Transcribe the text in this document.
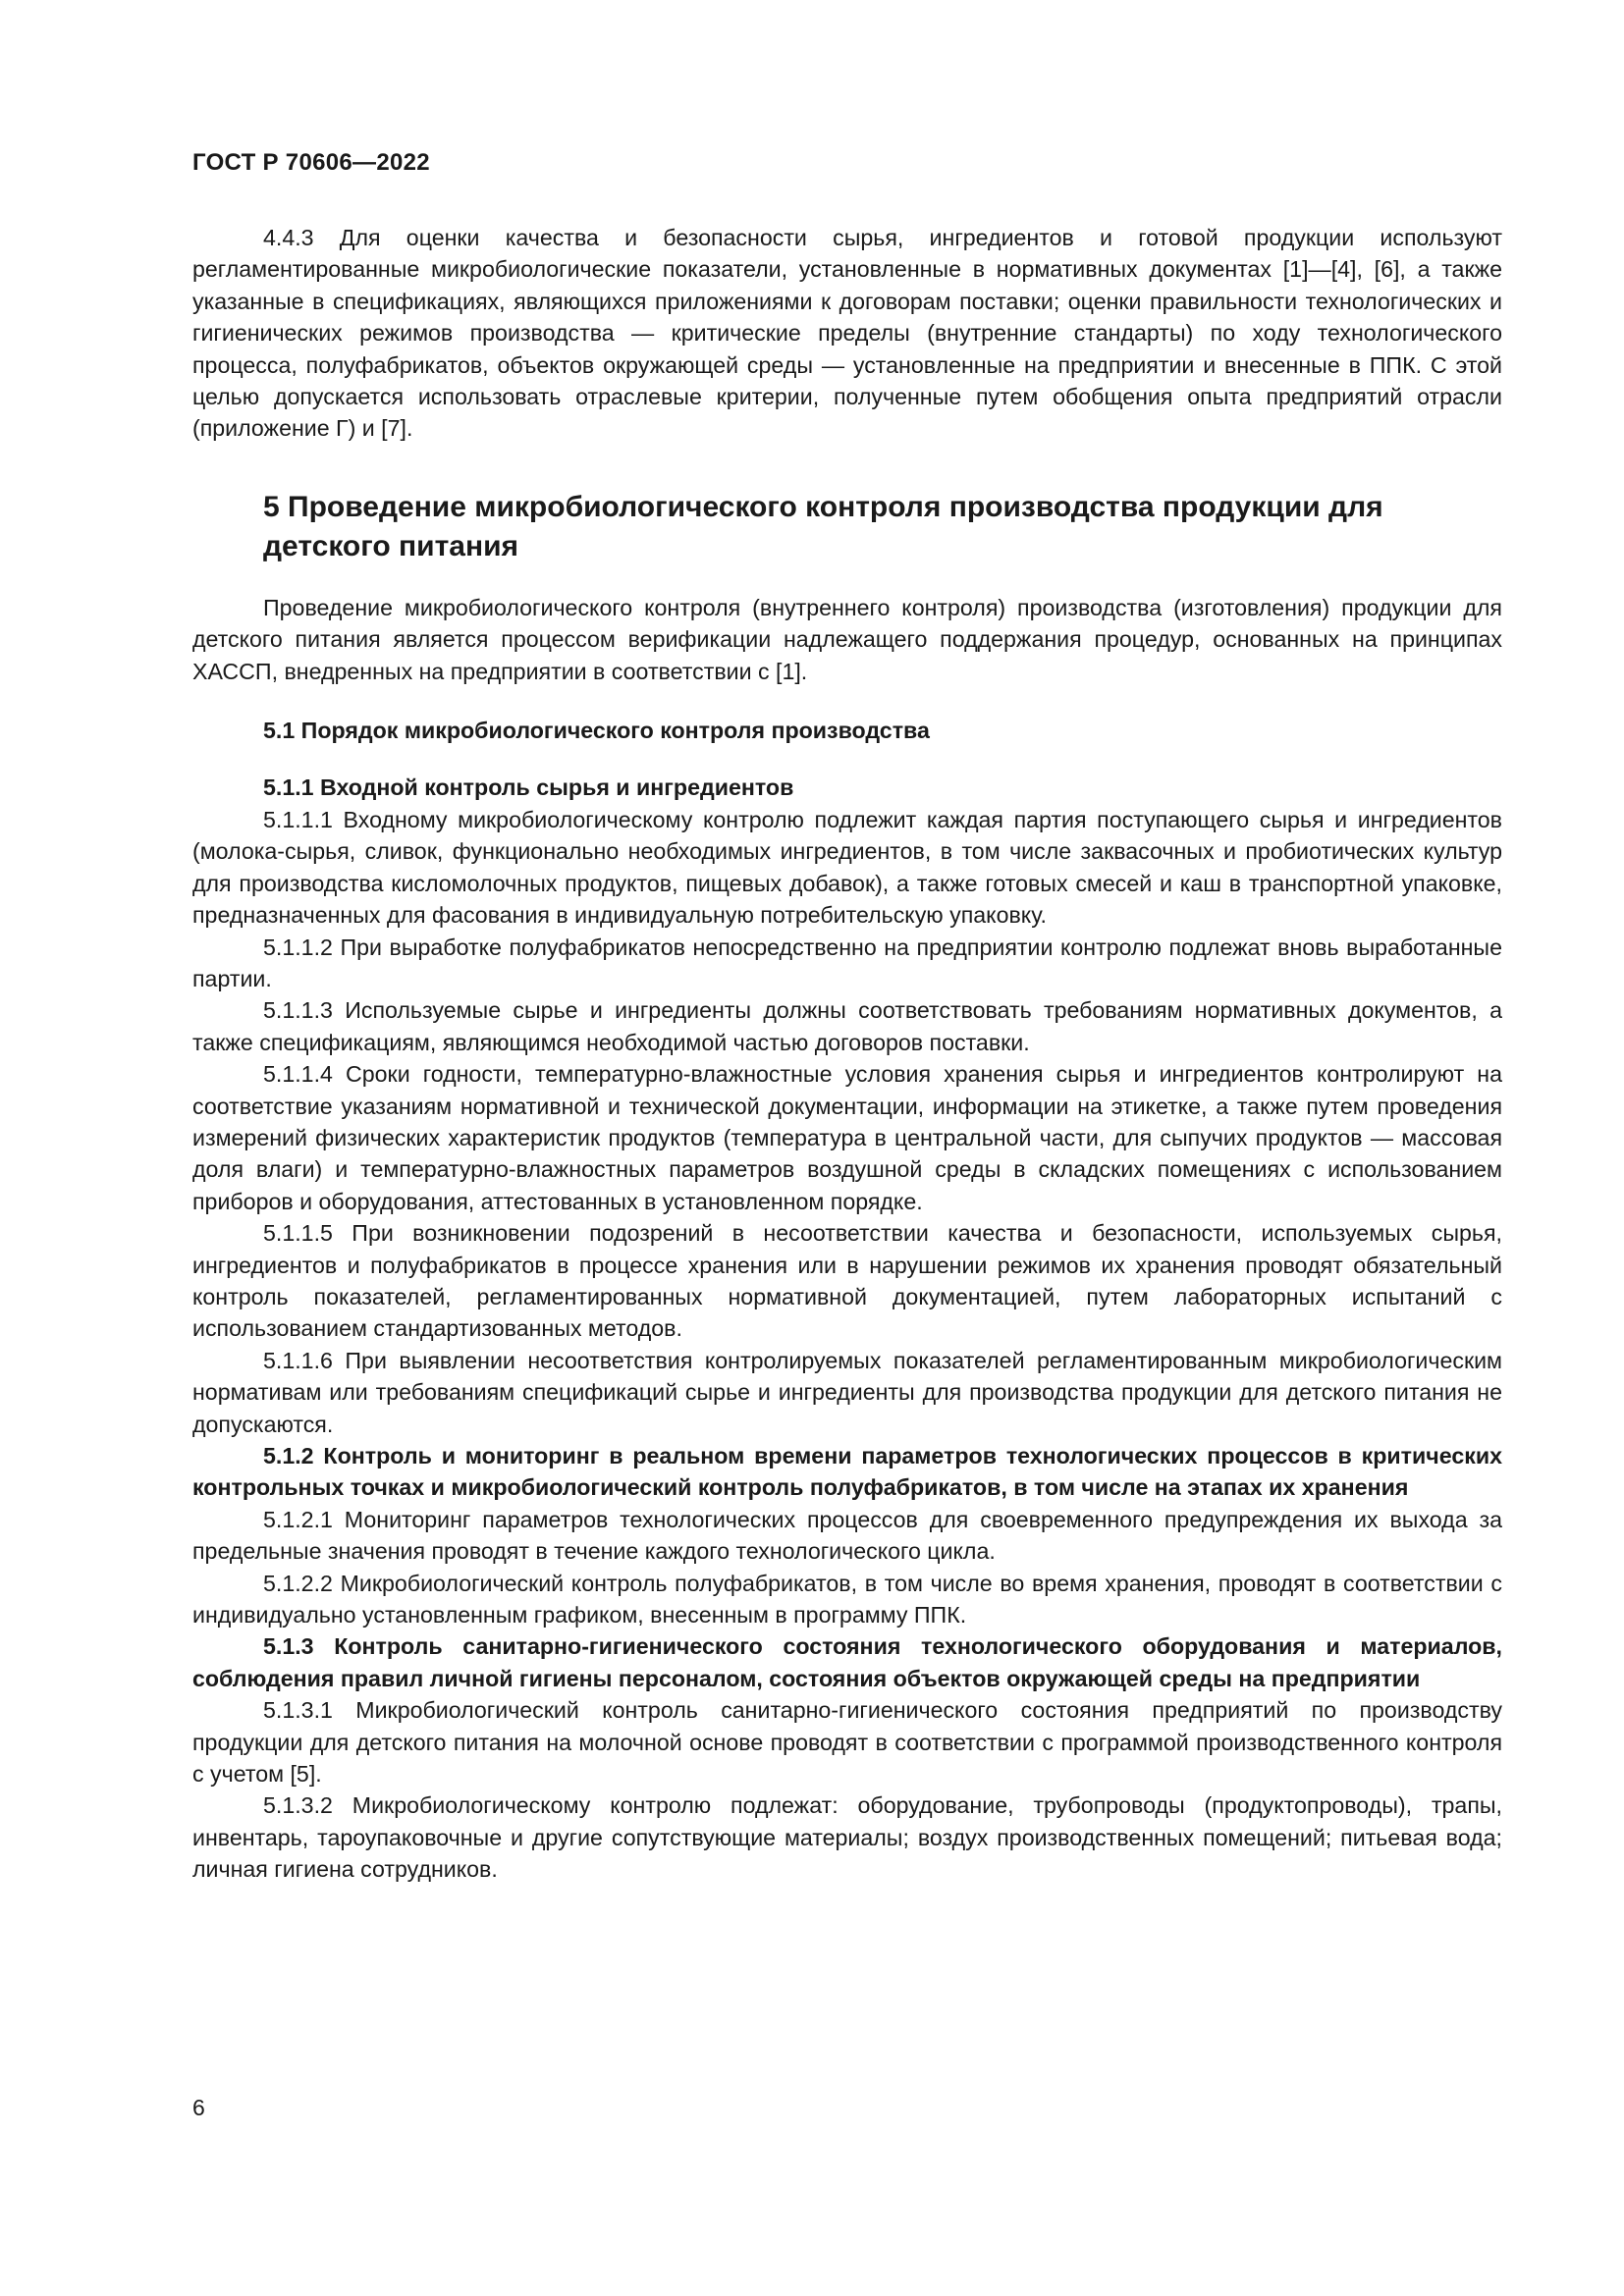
ГОСТ Р 70606—2022

4.4.3 Для оценки качества и безопасности сырья, ингредиентов и готовой продукции используют регламентированные микробиологические показатели, установленные в нормативных документах [1]—[4], [6], а также указанные в спецификациях, являющихся приложениями к договорам поставки; оценки правильности технологических и гигиенических режимов производства — критические пределы (внутренние стандарты) по ходу технологического процесса, полуфабрикатов, объектов окружающей среды — установленные на предприятии и внесенные в ППК. С этой целью допускается использовать отраслевые критерии, полученные путем обобщения опыта предприятий отрасли (приложение Г) и [7].

5 Проведение микробиологического контроля производства продукции для детского питания

Проведение микробиологического контроля (внутреннего контроля) производства (изготовления) продукции для детского питания является процессом верификации надлежащего поддержания процедур, основанных на принципах ХАССП, внедренных на предприятии в соответствии с [1].

5.1 Порядок микробиологического контроля производства

5.1.1 Входной контроль сырья и ингредиентов

5.1.1.1 Входному микробиологическому контролю подлежит каждая партия поступающего сырья и ингредиентов (молока-сырья, сливок, функционально необходимых ингредиентов, в том числе заквасочных и пробиотических культур для производства кисломолочных продуктов, пищевых добавок), а также готовых смесей и каш в транспортной упаковке, предназначенных для фасования в индивидуальную потребительскую упаковку.

5.1.1.2 При выработке полуфабрикатов непосредственно на предприятии контролю подлежат вновь выработанные партии.

5.1.1.3 Используемые сырье и ингредиенты должны соответствовать требованиям нормативных документов, а также спецификациям, являющимся необходимой частью договоров поставки.

5.1.1.4 Сроки годности, температурно-влажностные условия хранения сырья и ингредиентов контролируют на соответствие указаниям нормативной и технической документации, информации на этикетке, а также путем проведения измерений физических характеристик продуктов (температура в центральной части, для сыпучих продуктов — массовая доля влаги) и температурно-влажностных параметров воздушной среды в складских помещениях с использованием приборов и оборудования, аттестованных в установленном порядке.

5.1.1.5 При возникновении подозрений в несоответствии качества и безопасности, используемых сырья, ингредиентов и полуфабрикатов в процессе хранения или в нарушении режимов их хранения проводят обязательный контроль показателей, регламентированных нормативной документацией, путем лабораторных испытаний с использованием стандартизованных методов.

5.1.1.6 При выявлении несоответствия контролируемых показателей регламентированным микробиологическим нормативам или требованиям спецификаций сырье и ингредиенты для производства продукции для детского питания не допускаются.

5.1.2 Контроль и мониторинг в реальном времени параметров технологических процессов в критических контрольных точках и микробиологический контроль полуфабрикатов, в том числе на этапах их хранения

5.1.2.1 Мониторинг параметров технологических процессов для своевременного предупреждения их выхода за предельные значения проводят в течение каждого технологического цикла.

5.1.2.2 Микробиологический контроль полуфабрикатов, в том числе во время хранения, проводят в соответствии с индивидуально установленным графиком, внесенным в программу ППК.

5.1.3 Контроль санитарно-гигиенического состояния технологического оборудования и материалов, соблюдения правил личной гигиены персоналом, состояния объектов окружающей среды на предприятии

5.1.3.1 Микробиологический контроль санитарно-гигиенического состояния предприятий по производству продукции для детского питания на молочной основе проводят в соответствии с программой производственного контроля с учетом [5].

5.1.3.2 Микробиологическому контролю подлежат: оборудование, трубопроводы (продуктопроводы), трапы, инвентарь, тароупаковочные и другие сопутствующие материалы; воздух производственных помещений; питьевая вода; личная гигиена сотрудников.

6
